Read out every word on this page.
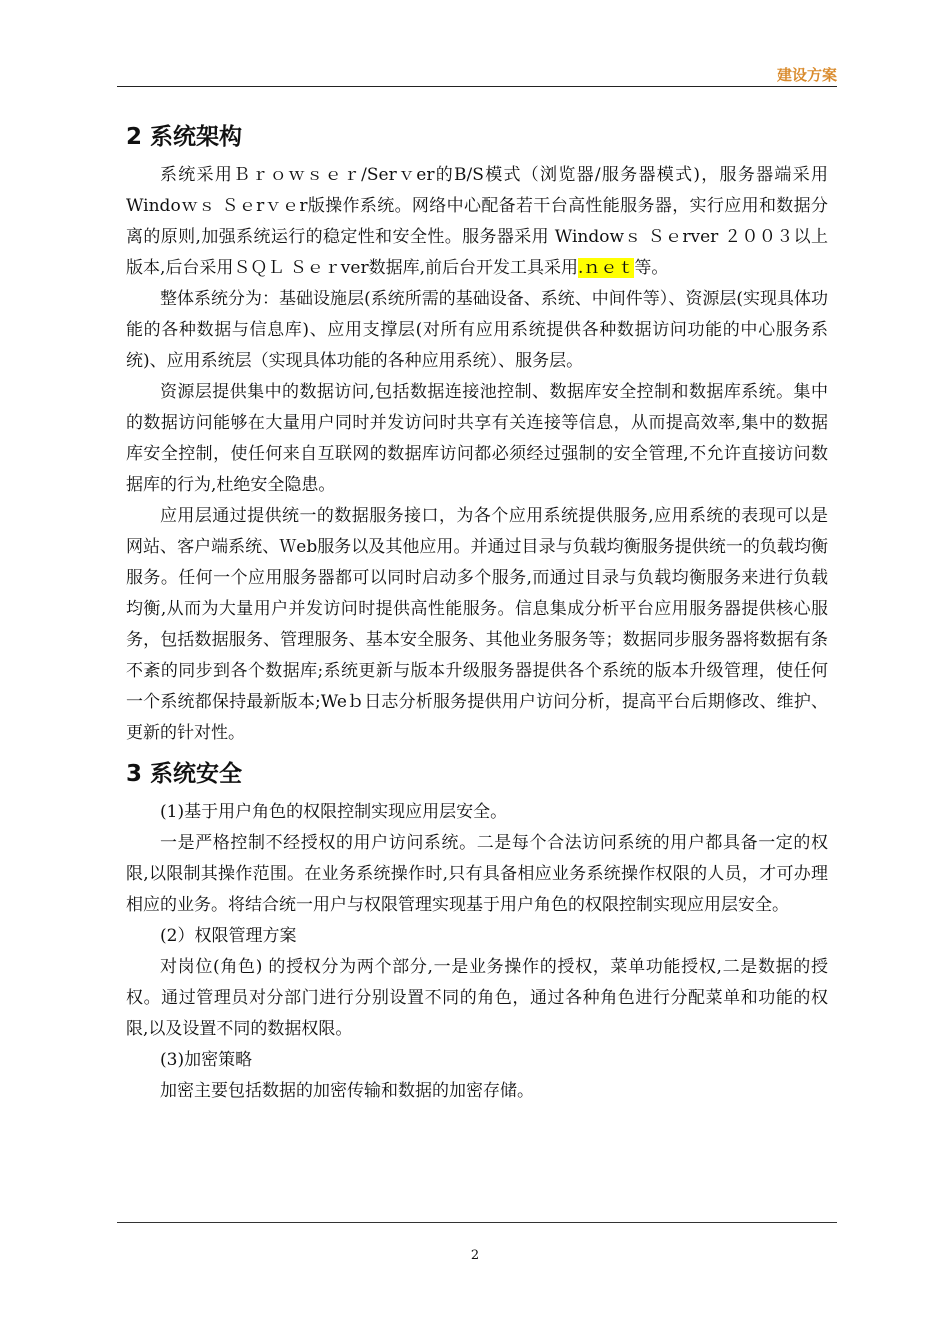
建设方案
2 系统架构

系统采用Ｂｒｏｗｓｅｒ/Serｖer的B/S模式（浏览器/服务器模式)，服务器端采用Windoｗｓ Ｓｅrｖｅr版操作系统。网络中心配备若干台高性能服务器，实行应用和数据分离的原则,加强系统运行的稳定性和安全性。服务器采用 Windowｓ Ｓｅrver ２００３以上版本,后台采用ＳＱＬ Ｓｅｒver数据库,前后台开发工具采用.ｎｅｔ等。

整体系统分为：基础设施层(系统所需的基础设备、系统、中间件等）、资源层(实现具体功能的各种数据与信息库)、应用支撑层(对所有应用系统提供各种数据访问功能的中心服务系统)、应用系统层（实现具体功能的各种应用系统）、服务层。

资源层提供集中的数据访问,包括数据连接池控制、数据库安全控制和数据库系统。集中的数据访问能够在大量用户同时并发访问时共享有关连接等信息，从而提高效率,集中的数据库安全控制，使任何来自互联网的数据库访问都必须经过强制的安全管理,不允许直接访问数据库的行为,杜绝安全隐患。

应用层通过提供统一的数据服务接口，为各个应用系统提供服务,应用系统的表现可以是网站、客户端系统、Ｗeb服务以及其他应用。并通过目录与负载均衡服务提供统一的负载均衡服务。任何一个应用服务器都可以同时启动多个服务,而通过目录与负载均衡服务来进行负载均衡,从而为大量用户并发访问时提供高性能服务。信息集成分析平台应用服务器提供核心服务，包括数据服务、管理服务、基本安全服务、其他业务服务等；数据同步服务器将数据有条不紊的同步到各个数据库;系统更新与版本升级服务器提供各个系统的版本升级管理，使任何一个系统都保持最新版本;Weｂ日志分析服务提供用户访问分析，提高平台后期修改、维护、更新的针对性。

3 系统安全

(1)基于用户角色的权限控制实现应用层安全。

一是严格控制不经授权的用户访问系统。二是每个合法访问系统的用户都具备一定的权限,以限制其操作范围。在业务系统操作时,只有具备相应业务系统操作权限的人员，才可办理相应的业务。将结合统一用户与权限管理实现基于用户角色的权限控制实现应用层安全。

(2）权限管理方案

对岗位(角色) 的授权分为两个部分,一是业务操作的授权，菜单功能授权,二是数据的授权。通过管理员对分部门进行分别设置不同的角色，通过各种角色进行分配菜单和功能的权限,以及设置不同的数据权限。

(3)加密策略

加密主要包括数据的加密传输和数据的加密存储。

2
